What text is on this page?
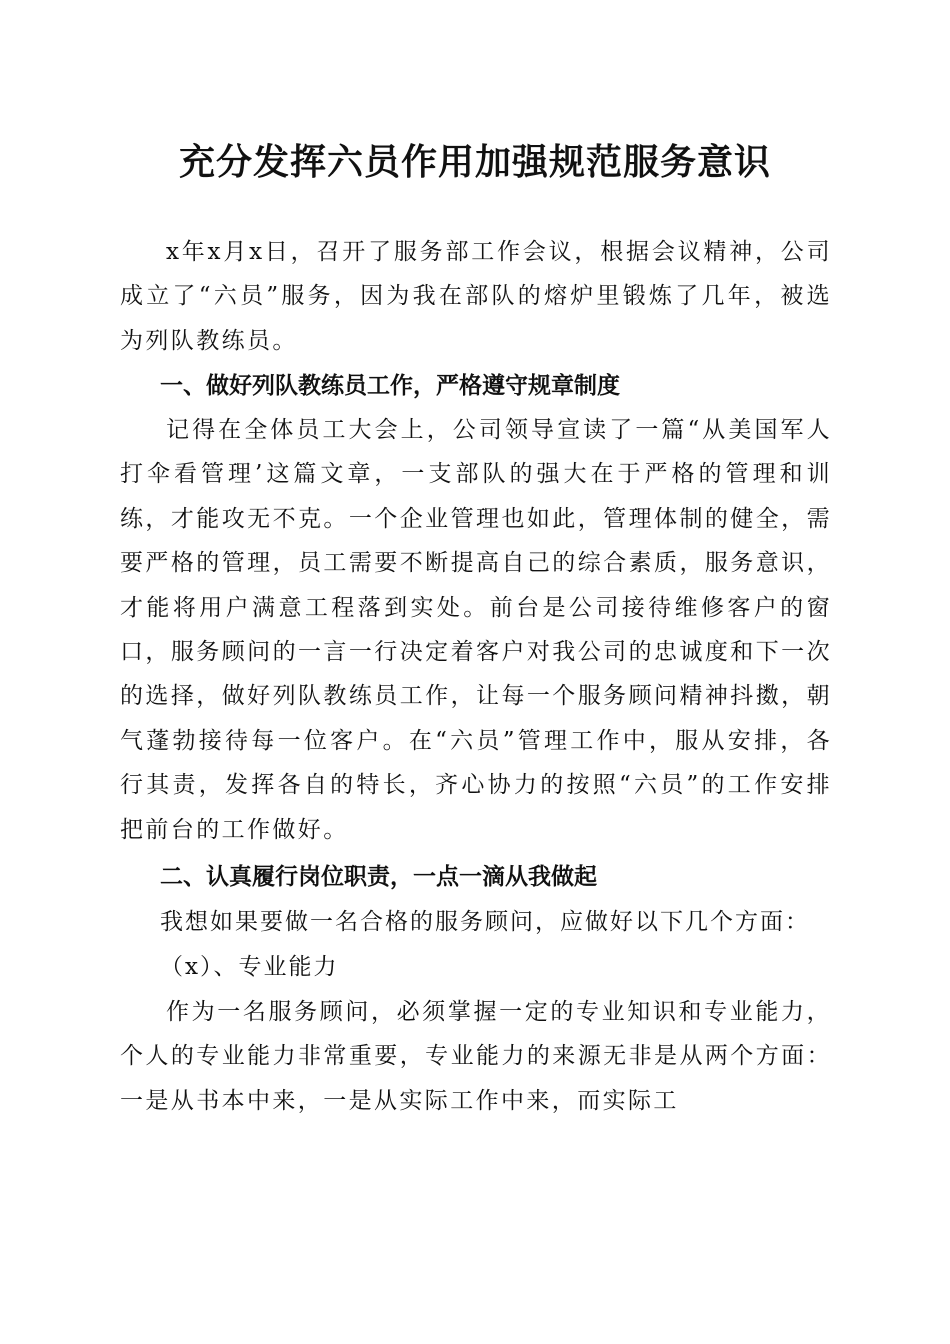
充分发挥六员作用加强规范服务意识

x年x月x日，召开了服务部工作会议，根据会议精神，公司成立了“六员”服务，因为我在部队的熔炉里锻炼了几年，被选为列队教练员。

一、做好列队教练员工作，严格遵守规章制度

记得在全体员工大会上，公司领导宣读了一篇“从美国军人打伞看管理’这篇文章，一支部队的强大在于严格的管理和训练，才能攻无不克。一个企业管理也如此，管理体制的健全，需要严格的管理，员工需要不断提高自己的综合素质，服务意识，才能将用户满意工程落到实处。前台是公司接待维修客户的窗口，服务顾问的一言一行决定着客户对我公司的忠诚度和下一次的选择，做好列队教练员工作，让每一个服务顾问精神抖擞，朝气蓬勃接待每一位客户。在“六员”管理工作中，服从安排，各行其责，发挥各自的特长，齐心协力的按照“六员”的工作安排把前台的工作做好。

二、认真履行岗位职责，一点一滴从我做起
我想如果要做一名合格的服务顾问，应做好以下几个方面：
（x）、专业能力

作为一名服务顾问，必须掌握一定的专业知识和专业能力，个人的专业能力非常重要，专业能力的来源无非是从两个方面：一是从书本中来，一是从实际工作中来，而实际工
